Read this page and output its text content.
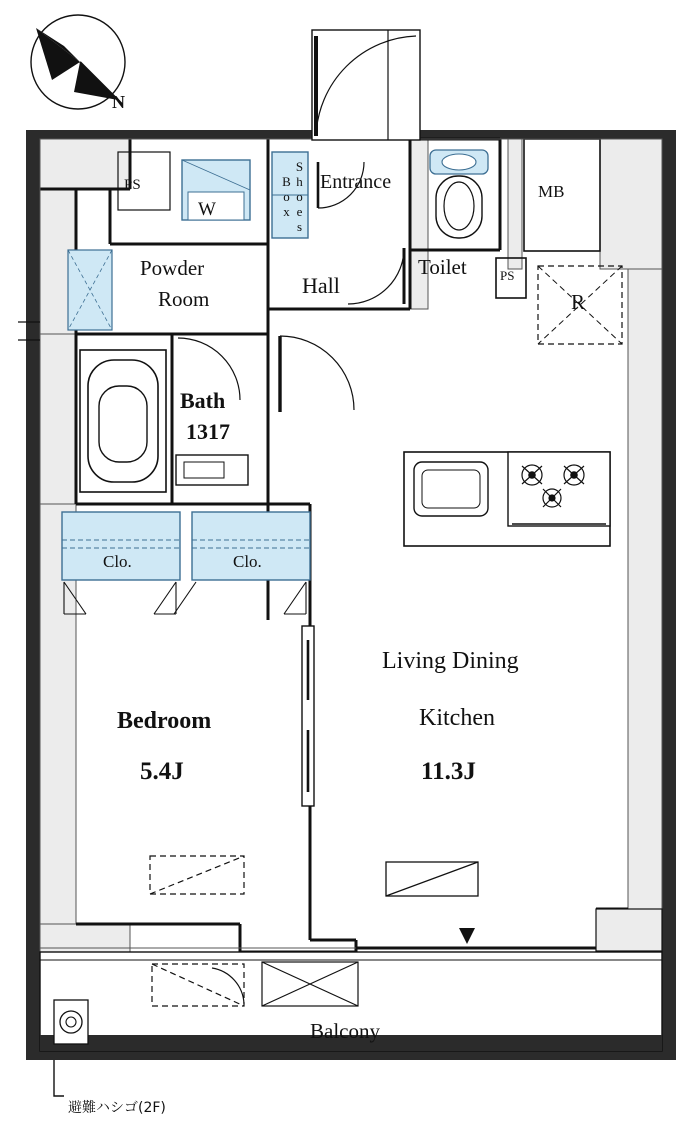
N
PS
W	Shoes Box	Entrance	MB
Toilet	PS
R
Powder
Room
Hall
Bath
1317
Clo.	Clo.
Living Dining
Kitchen
11.3J
Bedroom
5.4J
Balcony
避難ハシゴ(2F)
